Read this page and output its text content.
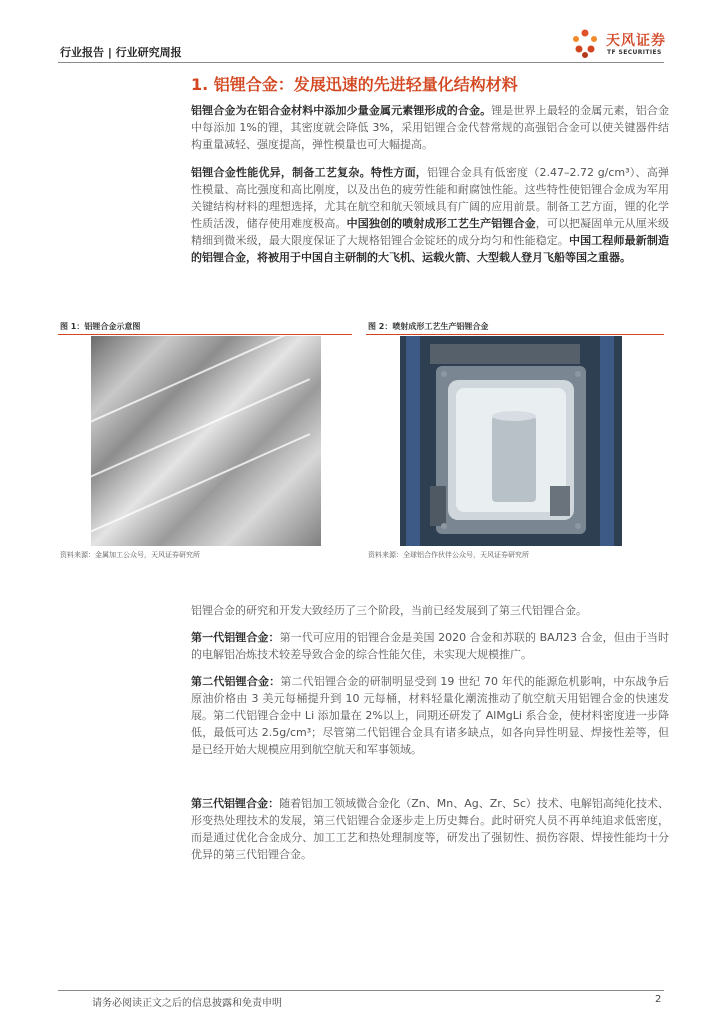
行业报告 | 行业研究周报
天风证券
TF SECURITIES
1. 铝锂合金：发展迅速的先进轻量化结构材料
铝锂合金为在铝合金材料中添加少量金属元素锂形成的合金。锂是世界上最轻的金属元素，铝合金中每添加 1%的锂，其密度就会降低 3%，采用铝锂合金代替常规的高强铝合金可以使关键器件结构重量减轻、强度提高，弹性模量也可大幅提高。
铝锂合金性能优异，制备工艺复杂。特性方面，铝锂合金具有低密度（2.47–2.72 g/cm³）、高弹性模量、高比强度和高比刚度，以及出色的疲劳性能和耐腐蚀性能。这些特性使铝锂合金成为军用关键结构材料的理想选择，尤其在航空和航天领域具有广阔的应用前景。制备工艺方面，锂的化学性质活泼，储存使用难度极高。中国独创的喷射成形工艺生产铝锂合金，可以把凝固单元从厘米级精细到微米级，最大限度保证了大规格铝锂合金锭坯的成分均匀和性能稳定。中国工程师最新制造的铝锂合金，将被用于中国自主研制的大飞机、运载火箭、大型载人登月飞船等国之重器。
图 1：铝锂合金示意图
资料来源：金属加工公众号，天风证券研究所
图 2：喷射成形工艺生产铝锂合金
资料来源：全球铝合作伙伴公众号，天风证券研究所
铝锂合金的研究和开发大致经历了三个阶段，当前已经发展到了第三代铝锂合金。
第一代铝锂合金：第一代可应用的铝锂合金是美国 2020 合金和苏联的 BAЛ23 合金，但由于当时的电解铝冶炼技术较差导致合金的综合性能欠佳，未实现大规模推广。
第二代铝锂合金：第二代铝锂合金的研制明显受到 19 世纪 70 年代的能源危机影响，中东战争后原油价格由 3 美元每桶提升到 10 元每桶，材料轻量化潮流推动了航空航天用铝锂合金的快速发展。第二代铝锂合金中 Li 添加量在 2%以上，同期还研发了 AlMgLi 系合金，使材料密度进一步降低，最低可达 2.5g/cm³；尽管第二代铝锂合金具有诸多缺点，如各向异性明显、焊接性差等，但是已经开始大规模应用到航空航天和军事领域。
第三代铝锂合金：随着铝加工领域微合金化（Zn、Mn、Ag、Zr、Sc）技术、电解铝高纯化技术、形变热处理技术的发展，第三代铝锂合金逐步走上历史舞台。此时研究人员不再单纯追求低密度，而是通过优化合金成分、加工工艺和热处理制度等，研发出了强韧性、损伤容限、焊接性能均十分优异的第三代铝锂合金。
请务必阅读正文之后的信息披露和免责申明	2
